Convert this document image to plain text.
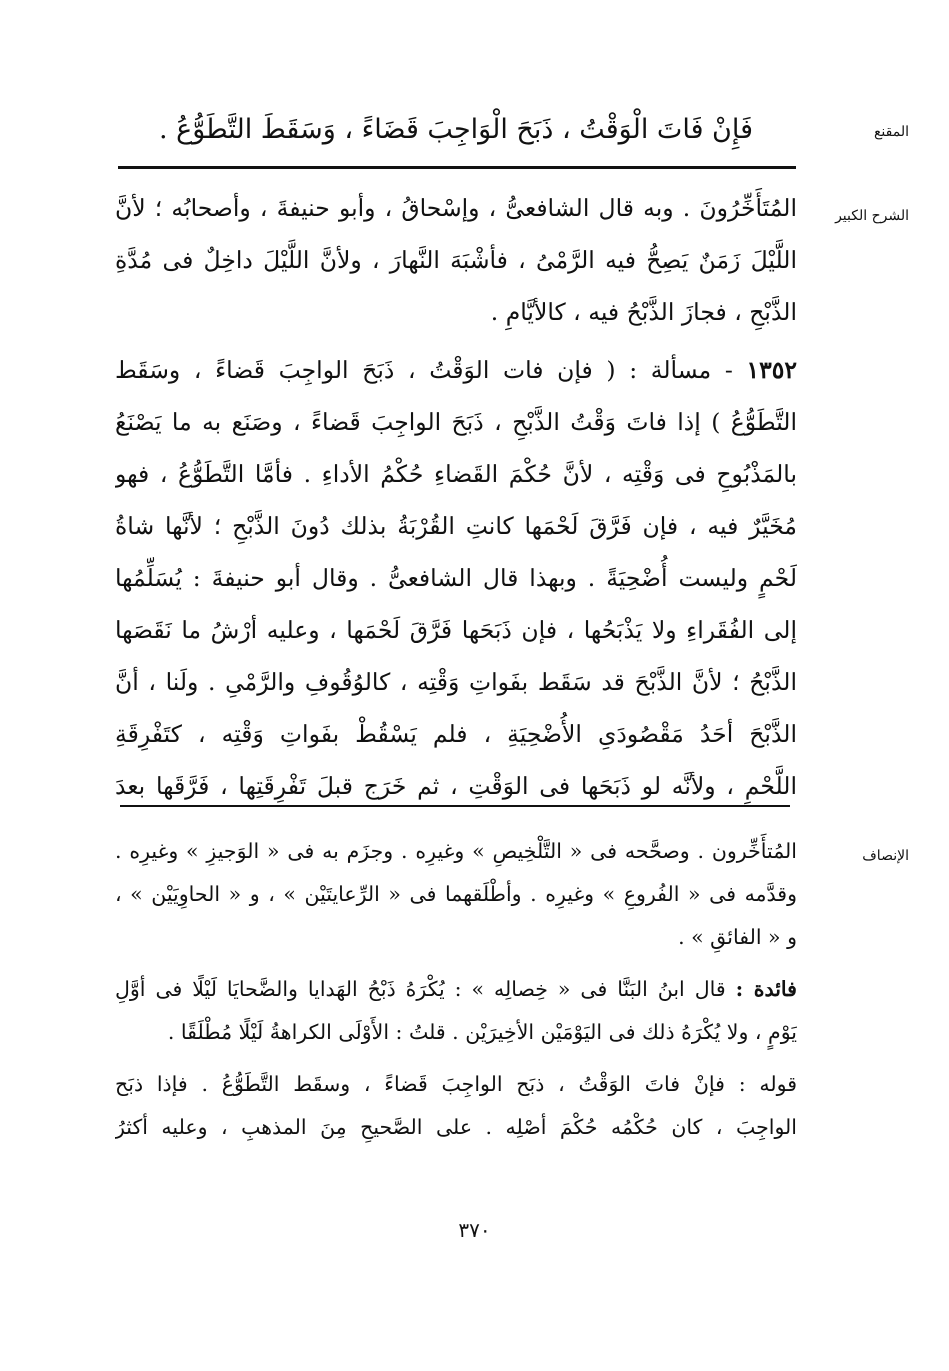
المقنع
فَإِنْ فَاتَ الْوَقْتُ ، ذَبَحَ الْوَاجِبَ قَضَاءً ، وَسَقَطَ التَّطَوُّعُ .
الشرح الكبير

المُتَأَخِّرُونَ . وبه قال الشافعىُّ ، وإسْحاقُ ، وأبو حنيفةَ ، وأصحابُه ؛ لأنَّ
اللَّيْلَ زَمَنٌ يَصِحُّ فيه الرَّمْىُ ، فأشْبَهَ النَّهارَ ، ولأنَّ اللَّيْلَ داخِلٌ فى مُدَّةِ
الذَّبْحِ ، فجازَ الذَّبْحُ فيه ، كالأيَّامِ .

١٣٥٢ - مسألة : ( فإن فات الوَقْتُ ، ذَبَحَ الواجِبَ قَضاءً ، وسَقَط
التَّطَوُّعُ ) إذا فاتَ وَقْتُ الذَّبْحِ ، ذَبَحَ الواجِبَ قَضاءً ، وصَنَع به ما يَصْنَعُ
بالمَذْبُوحِ فى وَقْتِه ، لأنَّ حُكْمَ القَضاءِ حُكْمُ الأداءِ . فأمَّا التَّطَوُّعُ ، فهو
مُخَيَّرٌ فيه ، فإن فَرَّقَ لَحْمَها كانتِ القُرْبَةُ بذلك دُونَ الذَّبْحِ ؛ لأنَّها شاةُ
لَحْمٍ وليست أُضْحِيَةً . وبهذا قال الشافعىُّ . وقال أبو حنيفةَ : يُسَلِّمُها
إلى الفُقَراءِ ولا يَذْبَحُها ، فإن ذَبَحَها فَرَّقَ لَحْمَها ، وعليه أرْشُ ما نَقَصَها
الذَّبْحُ ؛ لأنَّ الذَّبْحَ قد سَقَط بفَواتِ وَقْتِه ، كالوُقُوفِ والرَّمْىِ . ولَنا ، أنَّ
الذَّبْحَ أحَدُ مَقْصُودَىِ الأُضْحِيَةِ ، فلم يَسْقُطْ بفَواتِ وَقْتِه ، كتَفْرِقَةِ
اللَّحْمِ ، ولأنَّه لو ذَبَحَها فى الوَقْتِ ، ثم خَرَج قبلَ تَفْرِقَتِها ، فَرَّقَها بعدَ

الإنصاف

المُتأَخِّرون . وصحَّحه فى « التَّلْخِيصِ » وغيرِه . وجزَم به فى « الوَجيزِ » وغيرِه .
وقدَّمه فى « الفُروعِ » وغيرِه . وأطْلَقهما فى « الرِّعايتَيْن » ، و « الحاوِيَيْن » ،
و « الفائقِ » .

فائدة : قال ابنُ البَنَّا فى « خِصالِه » : يُكْرَهُ ذَبْحُ الهَدايا والضَّحايَا لَيْلًا فى أوَّلِ
يَوْمٍ ، ولا يُكْرَهُ ذلك فى اليَوْمَيْن الأخِيرَيْن . قلتُ : الأَوْلَى الكراهةُ لَيْلًا مُطْلَقًا .

قوله : فإنْ فاتَ الوَقْتُ ، ذبَح الواجِبَ قَضاءً ، وسقَط التَّطَوُّعُ . فإذا ذبَح
الواجِبَ ، كان حُكْمُه حُكْمَ أصْلِه . على الصَّحيحِ مِنَ المذهبِ ، وعليه أكثرُ

٣٧٠
